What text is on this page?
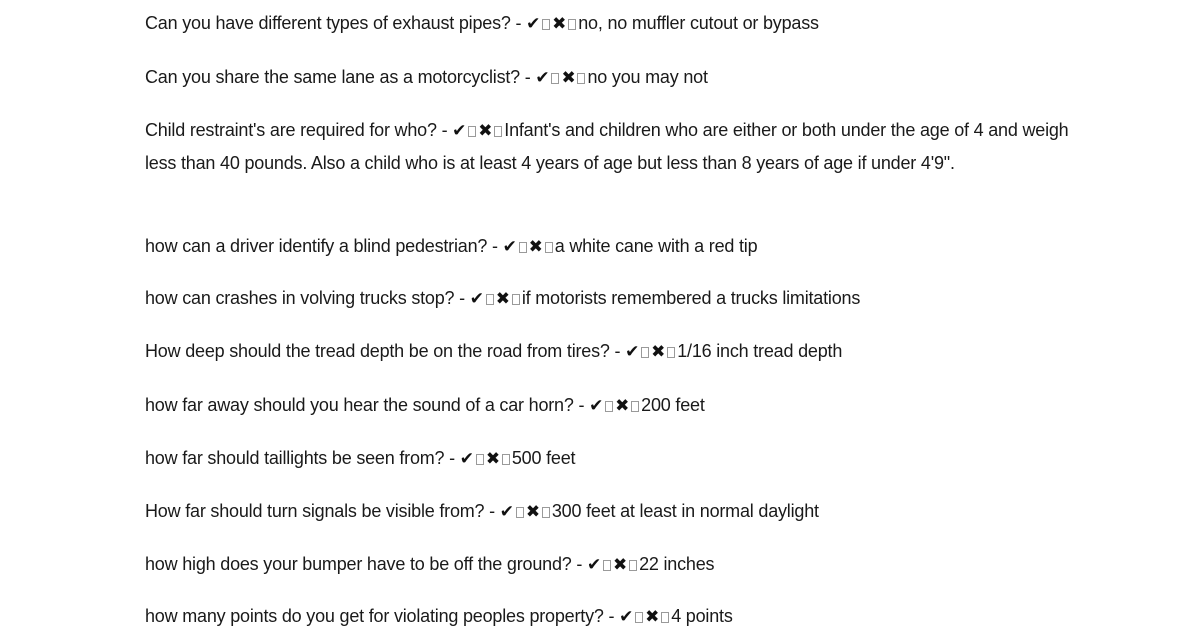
Can you have different types of exhaust pipes? - ✔ ✖ no, no muffler cutout or bypass
Can you share the same lane as a motorcyclist? - ✔ ✖ no you may not
Child restraint's are required for who? - ✔ ✖ Infant's and children who are either or both under the age of 4 and weigh less than 40 pounds. Also a child who is at least 4 years of age but less than 8 years of age if under 4'9".
how can a driver identify a blind pedestrian? - ✔ ✖ a white cane with a red tip
how can crashes in volving trucks stop? - ✔ ✖ if motorists remembered a trucks limitations
How deep should the tread depth be on the road from tires? - ✔ ✖ 1/16 inch tread depth
how far away should you hear the sound of a car horn? - ✔ ✖ 200 feet
how far should taillights be seen from? - ✔ ✖ 500 feet
How far should turn signals be visible from? - ✔ ✖ 300 feet at least in normal daylight
how high does your bumper have to be off the ground? - ✔ ✖ 22 inches
how many points do you get for violating peoples property? - ✔ ✖ 4 points
